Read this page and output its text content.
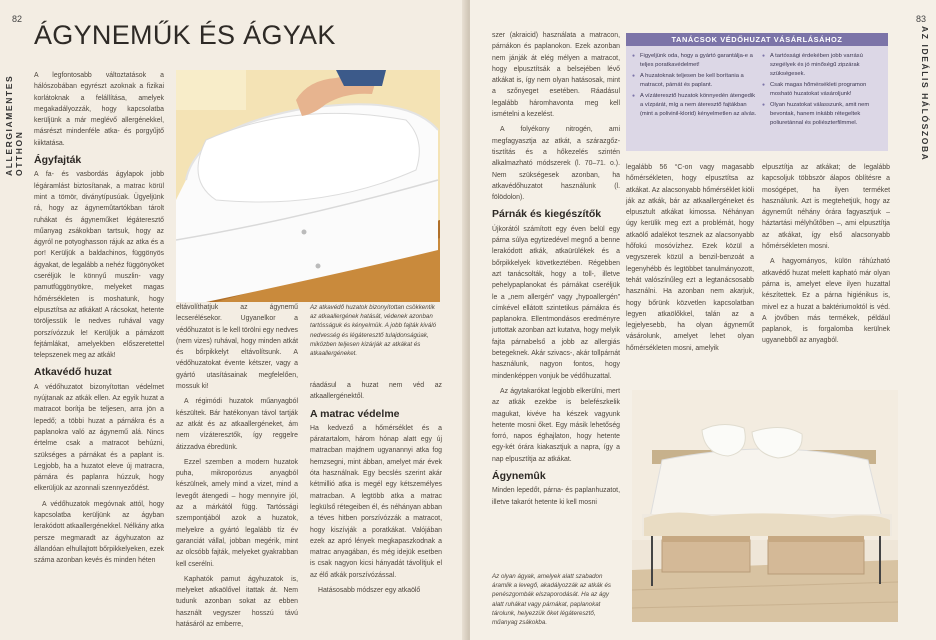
82
ALLERGIAMENTES OTTHON
ÁGYNEMŰK ÉS ÁGYAK

A legfontosabb változtatások a hálószobában egyrészt azoknak a fizikai korlátoknak a felállítása, amelyek megakadályozzák, hogy kapcsolatba kerüljünk a már meglévő allergénekkel, másrészt mindenféle atka- és porgyűjtő kiiktatása.

Ágyfajták

A fa- és vasbordás ágylapok jobb légáramlást biztosítanak, a matrac körül mint a tömör, diványtípusúak. Ügyeljünk rá, hogy az ágynemûtartókban tárolt ruhákat és ágyneműket légáteresztő műanyag zsákokban tartsuk, hogy az ágyról ne potyoghasson rájuk az atka és a por! Kerüljük a baldachinos, függönyös ágyakat, de legalább a nehéz függönyöket cseréljük le könnyű muszlin- vagy pamutfüggönyökre, melyeket magas hőmérsékleten is moshatunk, hogy elpusztítsa az atkákat! A rácsokat, hetente töröljessük le nedves ruhával vagy porszívózzuk le! Kerüljük a pámázott fejtámlákat, amelyekben előszeretettel telepszenek meg az atkák!

Atkavédő huzat

A védőhuzatot bizonyítottan védelmet nyújtanak az atkák ellen. Az egyik huzat a matracot borítja be teljesen, arra jön a lepedő; a többi huzat a párnákra és a paplanokra való az ágynemű alá. Nincs értelme csak a matracot behúzni, szükséges a párnákat és a paplant is. Legjobb, ha a huzatot eleve új matracra, párnára és paplanra húzzuk, hogy elkerüljük az azonnali szennyeződést.

A védőhuzatok megóvnak attól, hogy kapcsolatba kerüljünk az ágyban lerakódott atkaallergénekkel. Nélkány atka persze megmaradt az ágyhuzaton az állandóan elhullajtott bőrpikkelyeken, ezek száma azonban kevés és minden héten

eltávolíthatjuk az ágynemű lecserélésekor. Ugyanelkor a védőhuzatot is le kell törölni egy nedves (nem vizes) ruhával, hogy minden atkát és bőrpikkelyt eltávolítsunk. A védőhuzatokat évente kétszer, vagy a gyártó utasításainak megfelelően, mossuk ki!

A régimódi huzatok műanyagból készültek. Bár hatékonyan távol tartják az atkát és az atkaallergéneket, ám nem vízáteresztők, így reggelre átizzadva ébredünk.

Ezzel szemben a modern huzatok puha, mikroporózus anyagból készülnek, amely mind a vizet, mind a levegőt átengedi – hogy mennyire jól, az a márkától függ. Tartóssági szempontjából azok a huzatok, melyekre a gyártó legalább tíz év garanciát vállal, jobban megérik, mint az olcsóbb fajták, melyeket gyakrabban kell cserélni.

Kaphatók pamut ágyhuzatok is, melyeket atkaölővel itattak át. Nem tudunk azonban sokat az ebben használt vegyszer hosszú távú hatásáról az emberre,

Az atkavédő huzatok bizonyítottan csökkentik az atkaallergének hatását, védenek azonban tartósságuk és kényelmük. A jobb fajták kiváló nedvesség és légáteresztő tulajdonságúak, miközben teljesen kizárják az atkákat és atkaallergéneket.

ráadásul a huzat nem véd az atkaallergénektől.

A matrac védelme

Ha kedvező a hőmérséklet és a páratartalom, három hónap alatt egy új matracban majdnem ugyanannyi atka fog hemzsegni, mint ábban, amelyet már évek óta használnak. Egy becslés szerint akár kétmillió atka is megél egy kétszemélyes matracban. A legtöbb atka a matrac legkülső rétegeiben él, és néhányan abban a téves hitben porszívózzák a matracot, hogy kiszívják a poratkákat. Valójában ezek az apró lények megkapaszkodnak a matrac anyagában, és még idejük esetben is csak nagyon kicsi hányadát távolítjuk el az élő atkák porszívózással.

Hatásosabb módszer egy atkaölő

83
AZ IDEÁLIS HÁLÓSZOBA

szer (akraicid) használata a matracon, párnákon és paplanokon. Ezek azonban nem jánják át elég mélyen a matracot, hogy elpusztítsák a belsejében lévő atkákat is, így nem olyan hatásosak, mint a szőnyeget esetében. Ráadásul legalább háromhavonta meg kell ismételni a kezelést.

A folyékony nitrogén, ami megfagyasztja az atkát, a szárazgőz-tisztítás és a hőkezelés szintén alkalmazható módszerek (l. 70–71. o.). Nem szükségesek azonban, ha atkavédőhuzatot használunk (l. fölödolon).

Párnák és kiegészítők

Újkorától számított egy éven belül egy párna súlya egytizedével megnő a benne lerakódott atkák, atkaürülékek és a bőrpikkelyek következtében. Régebben azt tanácsolták, hogy a toll-, illetve pehelypaplanokat és párnákat cseréljük le a „nem allergén” vagy „hypoallergén” címkével ellátott szintetikus párnákra és paplanokra. Ellentmondásos eredményre juttottak azonban azt kutatva, hogy melyik fajta párnabelső a jobb az allergiás betegeknek. Akár szivacs-, akár tollpárnát használunk, nagyon fontos, hogy mindenképpen vonjuk be védőhuzattal.

Az ágytakarókat legjobb elkerülni, mert az atkák ezekbe is belefészkelik magukat, kivéve ha készek vagyunk hetente mosni őket. Egy másik lehetőség forró, napos éghajlaton, hogy hetente egy-két órára kiakasztjuk a napra, így a nap elpusztítja az atkákat.

Ágynemûk

Minden lepedőt, párna- és paplanhuzatot, illetve takarót hetente ki kell mosni

Az olyan ágyak, amelyek alatt szabadon áramlik a levegő, akadályozzák az atkák és penészgombák elszaporodását. Ha az ágy alatt ruhákat vagy párnákat, paplanokat tárolunk, helyezzük őket légáteresztő, műanyag zsákokba.
TANÁCSOK VÉDŐHUZAT VÁSÁRLÁSÁHOZ
● Figyeljünk oda, hogy a gyártó garantálja-e a teljes poratkavédelmet!
● A huzatoknak teljesen be kell borítania a matracot, párnát és paplant.
● A vízáteresztő huzatok könnyedén átengedik a vízpárát, míg a nem áteresztő fajtákban (mint a polivinil-klorid) kényelmetlen az alvás.
● A tartóssági érdekében jobb varrású szegélyek és jó minőségű zipzárak szükségesek.
● Csak magas hőmérsékleti programon mosható huzatokat vásároljunk!
● Olyan huzatokat válasszunk, amit nem bevontak, hanem inkább rétegeltek poliuretánnal és poliészterfilmmel.

legalább 56 °C-on vagy magasabb hőmérsékleten, hogy elpusztítsa az atkákat. Az alacsonyabb hőmérséklet kiöli ják az atkák, bár az atkaallergéneket és elpusztult atkákat kimossa. Néhányan úgy kerülik meg ezt a problémát, hogy atkaölő adalékot tesznek az alacsonyabb hőfokú mosóvízhez. Ezek közül a vegyszerek közül a benzil-benzoát a legenyhébb és legtöbbet tanulmányozott, tehát valószínűleg ezt a legtanácsosabb használni. Ha azonban nem akarjuk, hogy bőrünk közvetlen kapcsolatban legyen atkaölőkkel, talán az a legjelyesebb, ha olyan ágyneműt vásárolunk, amelyet lehet olyan hőmérsékleten mosni, amelyik

elpusztítja az atkákat; de legalább kapcsoljuk többször álapos öblítésre a mosógépet, ha ilyen terméket használunk. Azt is megtehetjük, hogy az ágyneműt néhány órára fagyasztjuk – háztartási mélyhűtőben –, ami elpusztítja az atkákat, így első alacsonyabb hőmérsékleten mosni.

A hagyományos, külön ráhúzható atkavédő huzat melett kapható már olyan párna is, amelyet eleve ilyen huzattal készítettek. Ez a párna higiénikus is, mivel ez a huzat a baktériumoktól is véd. A jövőben más termékek, például paplanok, is forgalomba kerülnek ugyanebből az anyagból.
